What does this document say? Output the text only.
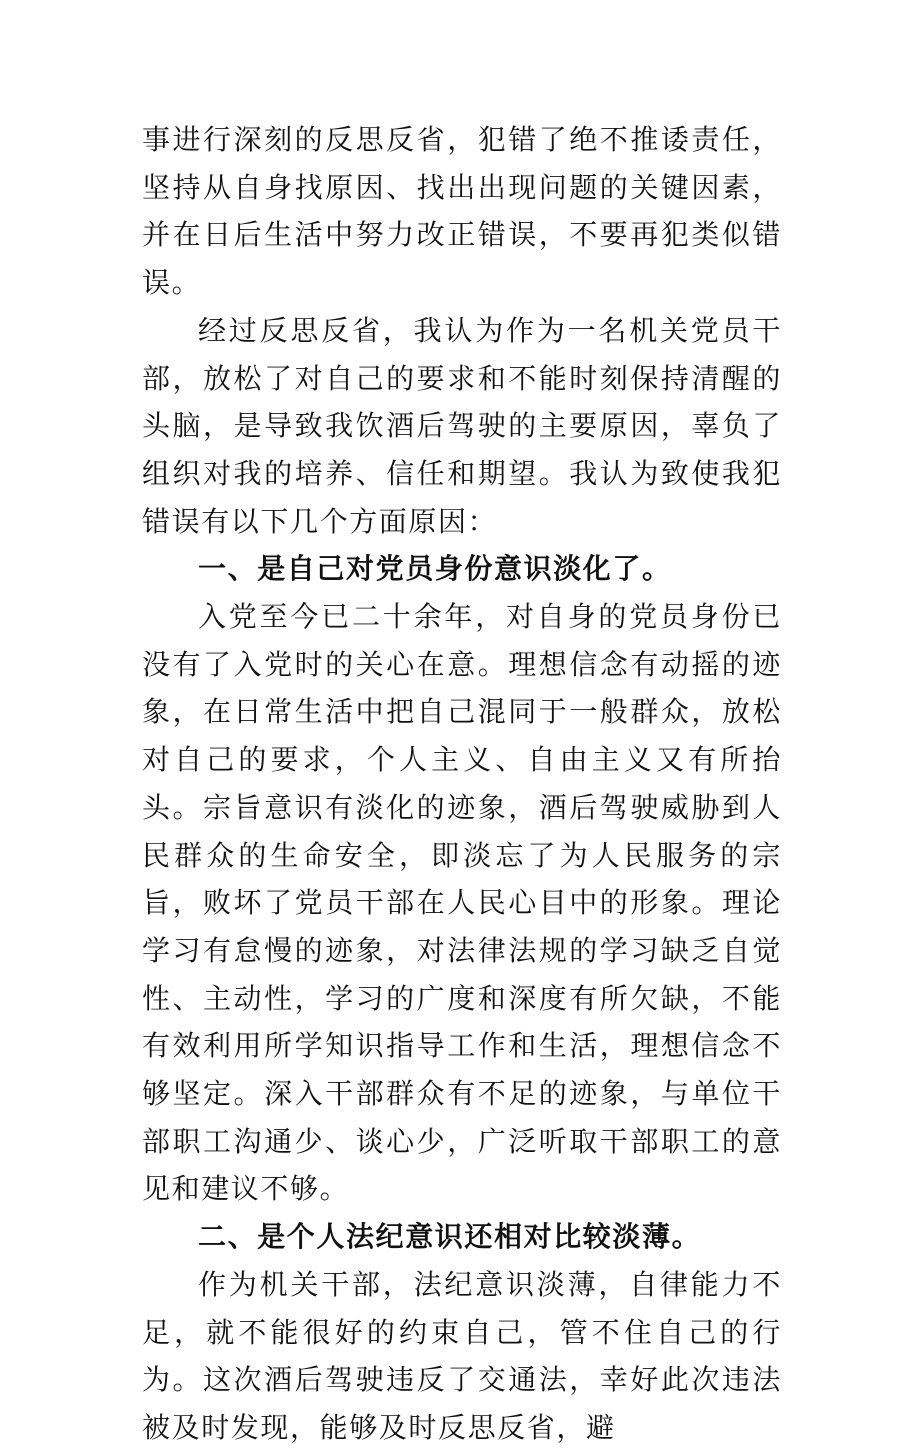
事进行深刻的反思反省，犯错了绝不推诿责任，坚持从自身找原因、找出出现问题的关键因素，并在日后生活中努力改正错误，不要再犯类似错误。

经过反思反省，我认为作为一名机关党员干部，放松了对自己的要求和不能时刻保持清醒的头脑，是导致我饮酒后驾驶的主要原因，辜负了组织对我的培养、信任和期望。我认为致使我犯错误有以下几个方面原因：

一、是自己对党员身份意识淡化了。

入党至今已二十余年，对自身的党员身份已没有了入党时的关心在意。理想信念有动摇的迹象，在日常生活中把自己混同于一般群众，放松对自己的要求，个人主义、自由主义又有所抬头。宗旨意识有淡化的迹象，酒后驾驶威胁到人民群众的生命安全，即淡忘了为人民服务的宗旨，败坏了党员干部在人民心目中的形象。理论学习有怠慢的迹象，对法律法规的学习缺乏自觉性、主动性，学习的广度和深度有所欠缺，不能有效利用所学知识指导工作和生活，理想信念不够坚定。深入干部群众有不足的迹象，与单位干部职工沟通少、谈心少，广泛听取干部职工的意见和建议不够。

二、是个人法纪意识还相对比较淡薄。

作为机关干部，法纪意识淡薄，自律能力不足，就不能很好的约束自己，管不住自己的行为。这次酒后驾驶违反了交通法，幸好此次违法被及时发现，能够及时反思反省，避
